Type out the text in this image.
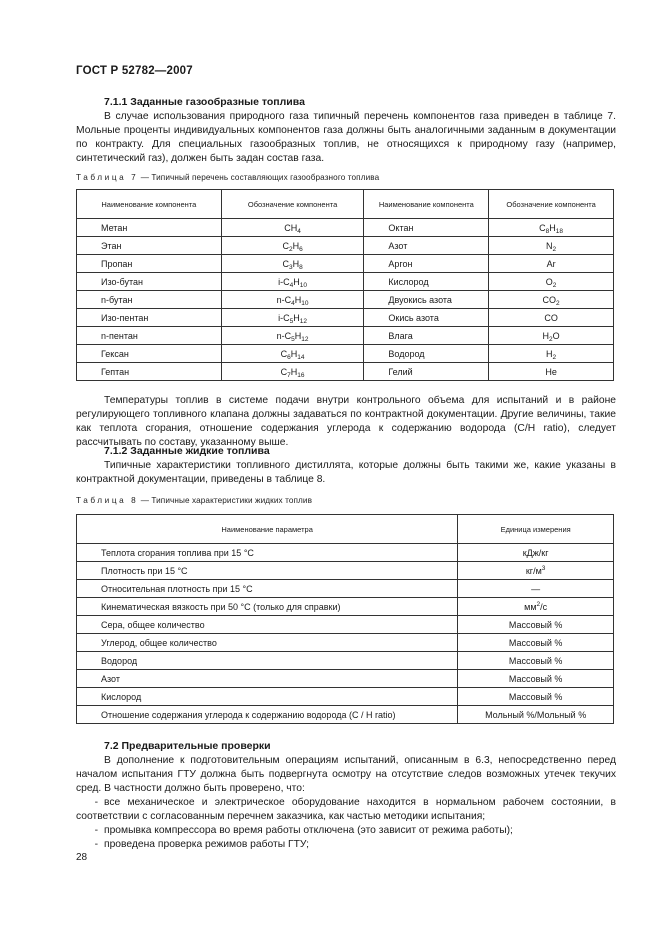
ГОСТ Р 52782—2007
7.1.1 Заданные газообразные топлива
В случае использования природного газа типичный перечень компонентов газа приведен в таблице 7. Мольные проценты индивидуальных компонентов газа должны быть аналогичными заданным в документации по контракту. Для специальных газообразных топлив, не относящихся к природному газу (например, синтетический газ), должен быть задан состав газа.
Таблица 7 — Типичный перечень составляющих газообразного топлива
Наименование компонента	Обозначение компонента	Наименование компонента	Обозначение компонента
Метан	$CH_4$	Октан	$C_8H_{18}$
Этан	$C_2H_6$	Азот	$N_2$
Пропан	$C_3H_8$	Аргон	Ar
Изо-бутан	$i-C_4H_{10}$	Кислород	$O_2$
n-бутан	$n-C_4H_{10}$	Двуокись азота	$CO_2$
Изо-пентан	$i-C_5H_{12}$	Окись азота	CO
n-пентан	$n-C_5H_{12}$	Влага	$H_2O$
Гексан	$C_6H_{14}$	Водород	$H_2$
Гептан	$C_7H_{16}$	Гелий	He
Температуры топлив в системе подачи внутри контрольного объема для испытаний и в районе регулирующего топливного клапана должны задаваться по контрактной документации. Другие величины, такие как теплота сгорания, отношение содержания углерода к содержанию водорода (C/H ratio), следует рассчитывать по составу, указанному выше.
7.1.2 Заданные жидкие топлива
Типичные характеристики топливного дистиллята, которые должны быть такими же, какие указаны в контрактной документации, приведены в таблице 8.
Таблица 8 — Типичные характеристики жидких топлив
Наименование параметра	Единица измерения
Теплота сгорания топлива при 15 °С	кДж/кг
Плотность при 15 °С	$кг/м^3$
Относительная плотность при 15 °С	—
Кинематическая вязкость при 50 °С (только для справки)	$мм^2/с$
Сера, общее количество	Массовый %
Углерод, общее количество	Массовый %
Водород	Массовый %
Азот	Массовый %
Кислород	Массовый %
Отношение содержания углерода к содержанию водорода (C / H ratio)	Мольный %/Мольный %
7.2 Предварительные проверки
В дополнение к подготовительным операциям испытаний, описанным в 6.3, непосредственно перед началом испытания ГТУ должна быть подвергнута осмотру на отсутствие следов возможных утечек текучих сред. В частности должно быть проверено, что:
- все механическое и электрическое оборудование находится в нормальном рабочем состоянии, в соответствии с согласованным перечнем заказчика, как частью методики испытания;
- промывка компрессора во время работы отключена (это зависит от режима работы);
- проведена проверка режимов работы ГТУ;
28
